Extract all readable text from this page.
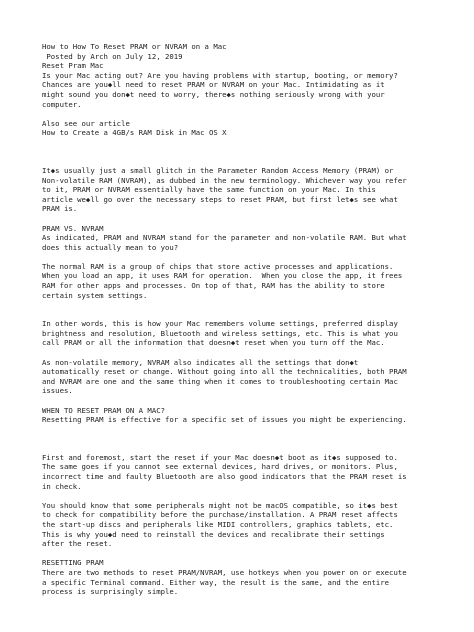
How to How To Reset PRAM or NVRAM on a Mac
Posted by Arch on July 12, 2019
Reset Pram Mac
Is your Mac acting out? Are you having problems with startup, booting, or memory?
Chances are you◆ll need to reset PRAM or NVRAM on your Mac. Intimidating as it
might sound you don◆t need to worry, there◆s nothing seriously wrong with your
computer.
Also see our article
How to Create a 4GB/s RAM Disk in Mac OS X
It◆s usually just a small glitch in the Parameter Random Access Memory (PRAM) or
Non-volatile RAM (NVRAM), as dubbed in the new terminology. Whichever way you refer
to it, PRAM or NVRAM essentially have the same function on your Mac. In this
article we◆ll go over the necessary steps to reset PRAM, but first let◆s see what
PRAM is.
PRAM VS. NVRAM
As indicated, PRAM and NVRAM stand for the parameter and non-volatile RAM. But what
does this actually mean to you?
The normal RAM is a group of chips that store active processes and applications.
When you load an app, it uses RAM for operation.  When you close the app, it frees
RAM for other apps and processes. On top of that, RAM has the ability to store
certain system settings.
In other words, this is how your Mac remembers volume settings, preferred display
brightness and resolution, Bluetooth and wireless settings, etc. This is what you
call PRAM or all the information that doesn◆t reset when you turn off the Mac.
As non-volatile memory, NVRAM also indicates all the settings that don◆t
automatically reset or change. Without going into all the technicalities, both PRAM
and NVRAM are one and the same thing when it comes to troubleshooting certain Mac
issues.
WHEN TO RESET PRAM ON A MAC?
Resetting PRAM is effective for a specific set of issues you might be experiencing.
First and foremost, start the reset if your Mac doesn◆t boot as it◆s supposed to.
The same goes if you cannot see external devices, hard drives, or monitors. Plus,
incorrect time and faulty Bluetooth are also good indicators that the PRAM reset is
in check.
You should know that some peripherals might not be macOS compatible, so it◆s best
to check for compatibility before the purchase/installation. A PRAM reset affects
the start-up discs and peripherals like MIDI controllers, graphics tablets, etc.
This is why you◆d need to reinstall the devices and recalibrate their settings
after the reset.
RESETTING PRAM
There are two methods to reset PRAM/NVRAM, use hotkeys when you power on or execute
a specific Terminal command. Either way, the result is the same, and the entire
process is surprisingly simple.
